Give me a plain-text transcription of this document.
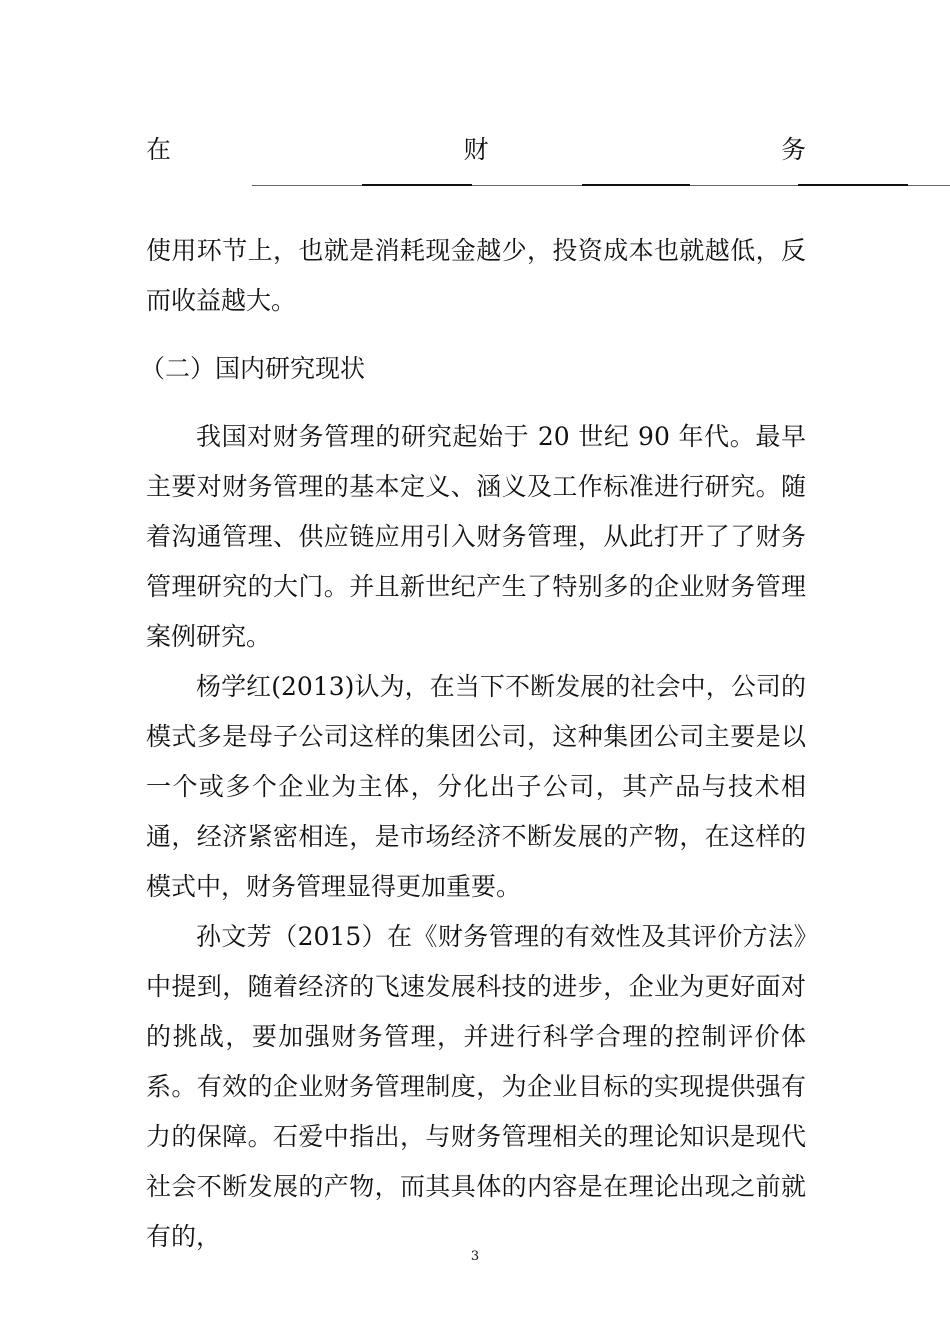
在	财	务

使用环节上，也就是消耗现金越少，投资成本也就越低，反而收益越大。

（二）国内研究现状

我国对财务管理的研究起始于 20 世纪 90 年代。最早主要对财务管理的基本定义、涵义及工作标准进行研究。随着沟通管理、供应链应用引入财务管理，从此打开了了财务管理研究的大门。并且新世纪产生了特别多的企业财务管理案例研究。

杨学红(2013)认为，在当下不断发展的社会中，公司的模式多是母子公司这样的集团公司，这种集团公司主要是以一个或多个企业为主体，分化出子公司，其产品与技术相通，经济紧密相连，是市场经济不断发展的产物，在这样的模式中，财务管理显得更加重要。

孙文芳（2015）在《财务管理的有效性及其评价方法》中提到，随着经济的飞速发展科技的进步，企业为更好面对的挑战，要加强财务管理，并进行科学合理的控制评价体系。有效的企业财务管理制度，为企业目标的实现提供强有力的保障。石爱中指出，与财务管理相关的理论知识是现代社会不断发展的产物，而其具体的内容是在理论出现之前就有的，

3
